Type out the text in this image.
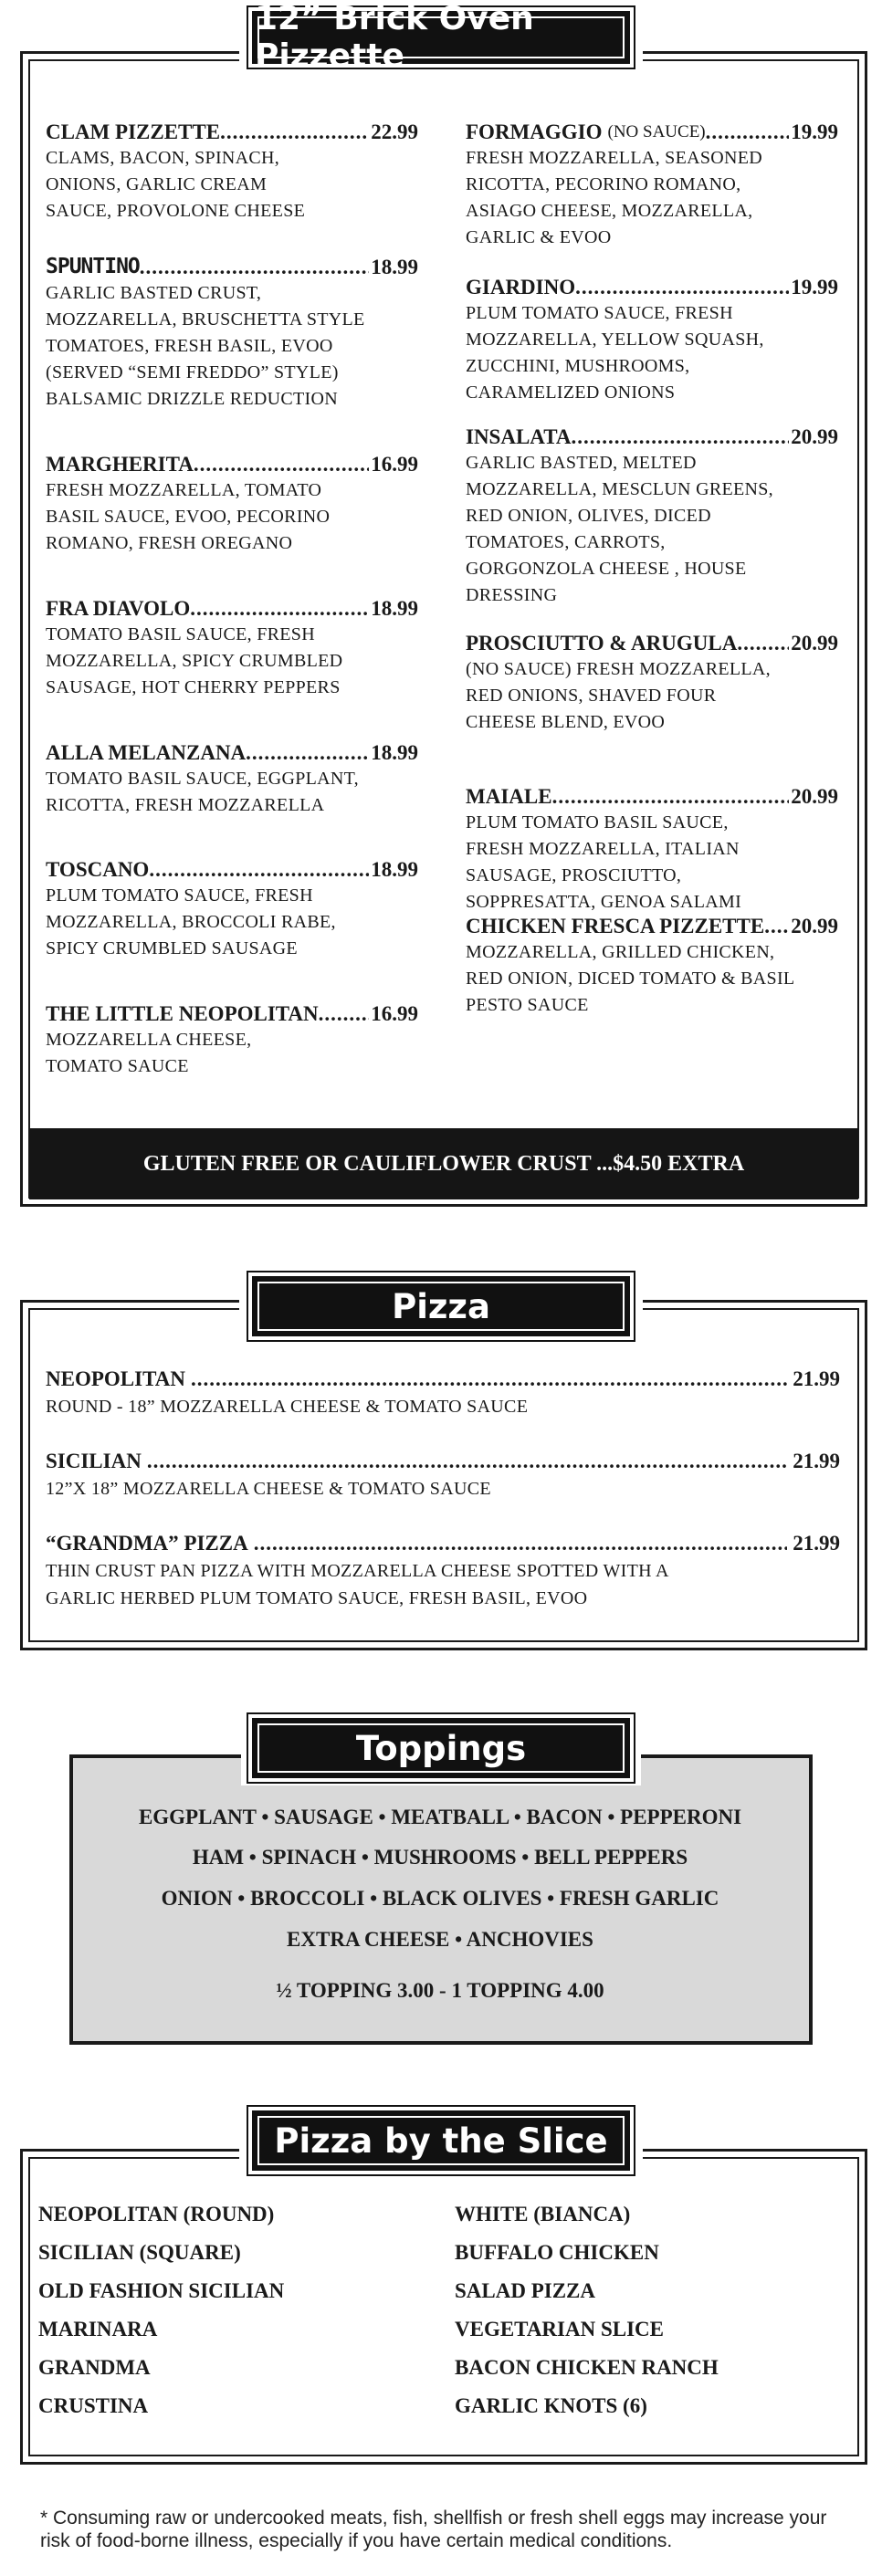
GLUTEN FREE OR CAULIFLOWER CRUST ...$4.50 EXTRA
12” Brick Oven Pizzette
CLAM PIZZETTE .....	22.99
CLAMS, BACON, SPINACH,
ONIONS, GARLIC CREAM
SAUCE, PROVOLONE CHEESE
SPUNTINO .....	18.99
GARLIC BASTED CRUST,
MOZZARELLA, BRUSCHETTA STYLE
TOMATOES, FRESH BASIL, EVOO
(SERVED “SEMI FREDDO” STYLE)
BALSAMIC DRIZZLE REDUCTION
MARGHERITA .....	16.99
FRESH MOZZARELLA, TOMATO
BASIL SAUCE, EVOO, PECORINO
ROMANO, FRESH OREGANO
FRA DIAVOLO .....	18.99
TOMATO BASIL SAUCE, FRESH
MOZZARELLA, SPICY CRUMBLED
SAUSAGE, HOT CHERRY PEPPERS
ALLA MELANZANA .....	18.99
TOMATO BASIL SAUCE, EGGPLANT,
RICOTTA, FRESH MOZZARELLA
TOSCANO .....	18.99
PLUM TOMATO SAUCE, FRESH
MOZZARELLA, BROCCOLI RABE,
SPICY CRUMBLED SAUSAGE
THE LITTLE NEOPOLITAN .....	16.99
MOZZARELLA CHEESE,
TOMATO SAUCE
FORMAGGIO (NO SAUCE) .....	19.99
FRESH MOZZARELLA, SEASONED
RICOTTA, PECORINO ROMANO,
ASIAGO CHEESE, MOZZARELLA,
GARLIC & EVOO
GIARDINO .....	19.99
PLUM TOMATO SAUCE, FRESH
MOZZARELLA, YELLOW SQUASH,
ZUCCHINI, MUSHROOMS,
CARAMELIZED ONIONS
INSALATA .....	20.99
GARLIC BASTED, MELTED
MOZZARELLA, MESCLUN GREENS,
RED ONION, OLIVES, DICED
TOMATOES, CARROTS,
GORGONZOLA CHEESE , HOUSE
DRESSING
PROSCIUTTO & ARUGULA .....	20.99
(NO SAUCE) FRESH MOZZARELLA,
RED ONIONS, SHAVED FOUR
CHEESE BLEND, EVOO
MAIALE .....	20.99
PLUM TOMATO BASIL SAUCE,
FRESH MOZZARELLA, ITALIAN
SAUSAGE, PROSCIUTTO,
SOPPRESATTA, GENOA SALAMI
CHICKEN FRESCA PIZZETTE ..... 20.99
MOZZARELLA, GRILLED CHICKEN,
RED ONION, DICED TOMATO & BASIL
PESTO SAUCE
Pizza
NEOPOLITAN .....	21.99
ROUND - 18” MOZZARELLA CHEESE & TOMATO SAUCE
SICILIAN .....	21.99
12”X 18” MOZZARELLA CHEESE & TOMATO SAUCE
“GRANDMA” PIZZA .....	21.99
THIN CRUST PAN PIZZA WITH MOZZARELLA CHEESE SPOTTED WITH A
GARLIC HERBED PLUM TOMATO SAUCE, FRESH BASIL, EVOO
Toppings
EGGPLANT • SAUSAGE • MEATBALL • BACON • PEPPERONI
HAM • SPINACH • MUSHROOMS • BELL PEPPERS
ONION • BROCCOLI • BLACK OLIVES • FRESH GARLIC
EXTRA CHEESE • ANCHOVIES
½ TOPPING 3.00 - 1 TOPPING 4.00
Pizza by the Slice
NEOPOLITAN (ROUND)
SICILIAN (SQUARE)
OLD FASHION SICILIAN
MARINARA
GRANDMA
CRUSTINA
WHITE (BIANCA)
BUFFALO CHICKEN
SALAD PIZZA
VEGETARIAN SLICE
BACON CHICKEN RANCH
GARLIC KNOTS (6)
* Consuming raw or undercooked meats, fish, shellfish or fresh shell eggs may increase your risk of food-borne illness, especially if you have certain medical conditions.
